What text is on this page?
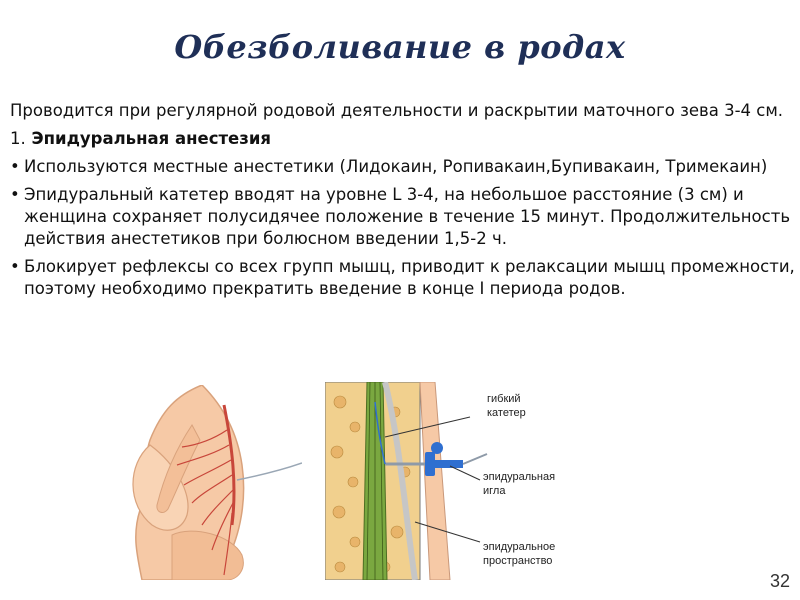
Обезболивание в родах

Проводится при регулярной родовой деятельности и раскрытии маточного зева 3-4 см.

1. Эпидуральная анестезия

• Используются местные анестетики (Лидокаин, Ропивакаин,Бупивакаин, Тримекаин)
• Эпидуральный катетер вводят на уровне L 3-4, на небольшое расстояние (3 см) и женщина сохраняет полусидячее положение в течение 15 минут. Продолжительность действия анестетиков при болюсном введении 1,5-2 ч.
• Блокирует рефлексы со всех групп мышц, приводит к релаксации мышц промежности, поэтому необходимо прекратить введение в конце I периода родов.
гибкий
катетер
эпидуральная
игла
эпидуральное
пространство
32
